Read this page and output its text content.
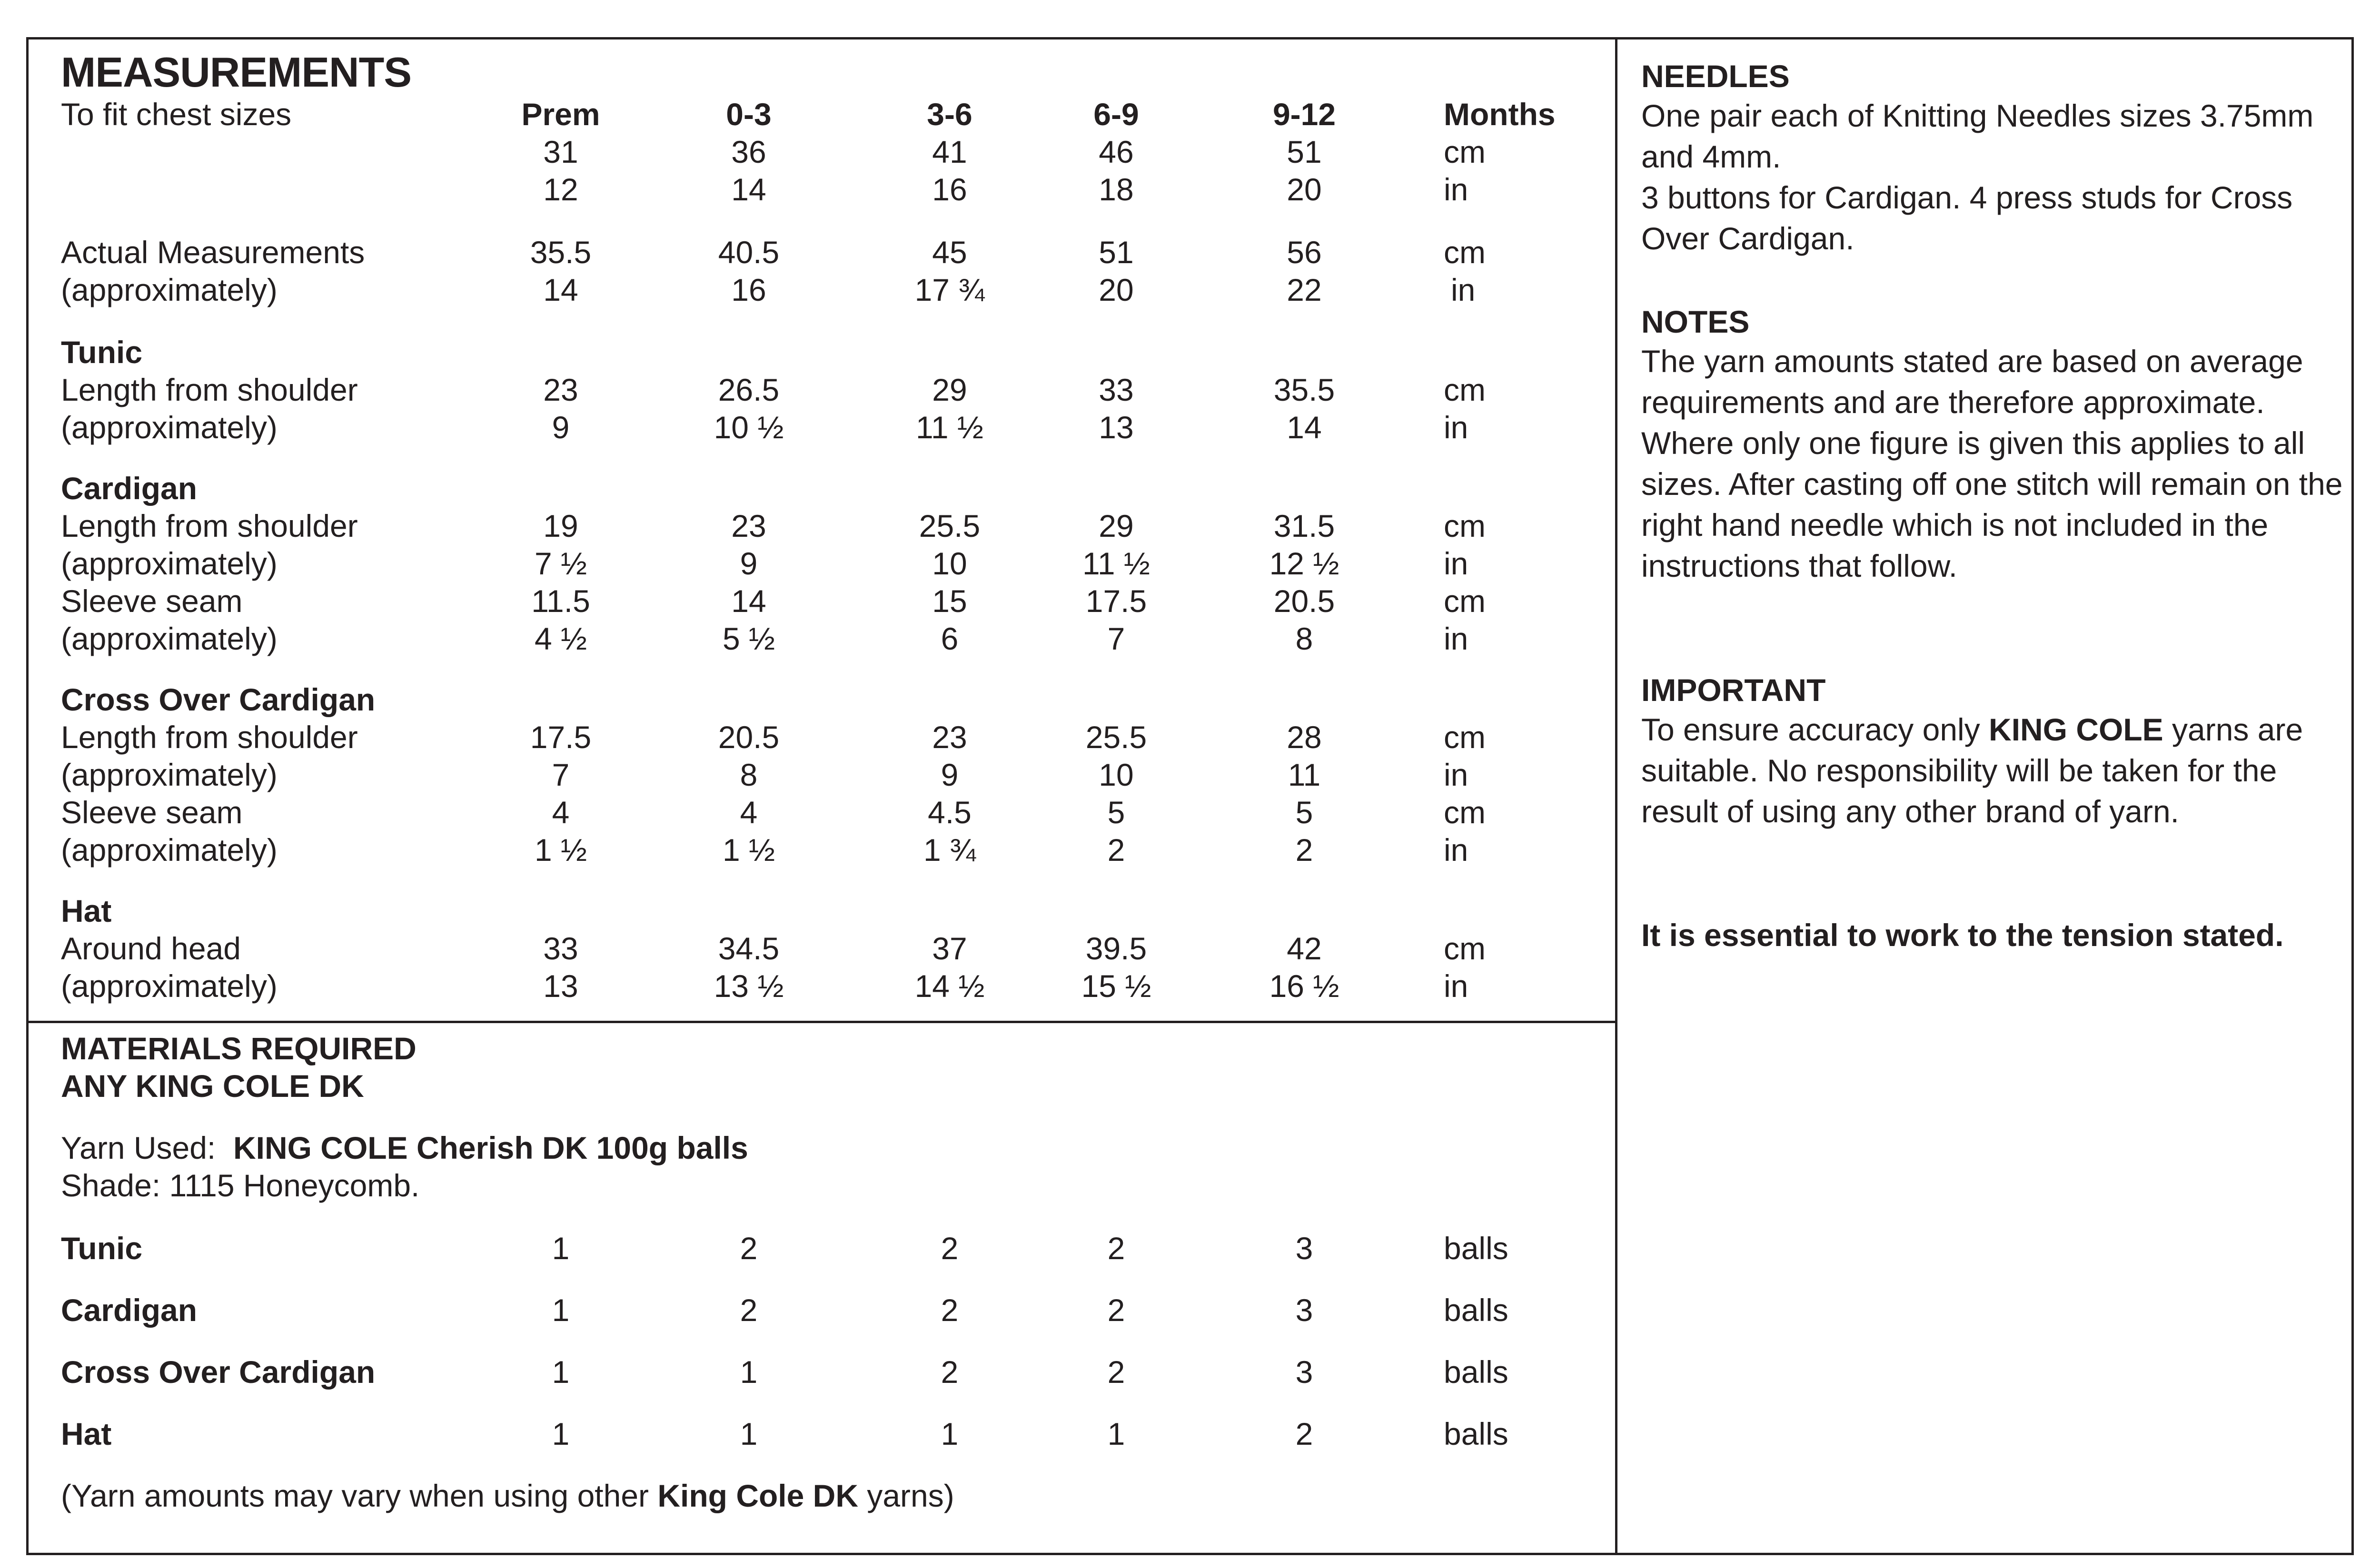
MEASUREMENTS
To fit chest sizes	Prem	0-3	3-6	6-9	9-12	Months
31	36	41	46	51	cm
12	14	16	18	20	in
Actual Measurements	35.5	40.5	45	51	56	cm
(approximately)	14	16	17 ¾	20	22	in
Tunic
Length from shoulder	23	26.5	29	33	35.5	cm
(approximately)	9	10 ½	11 ½	13	14	in
Cardigan
Length from shoulder	19	23	25.5	29	31.5	cm
(approximately)	7 ½	9	10	11 ½	12 ½	in
Sleeve seam	11.5	14	15	17.5	20.5	cm
(approximately)	4 ½	5 ½	6	7	8	in
Cross Over Cardigan
Length from shoulder	17.5	20.5	23	25.5	28	cm
(approximately)	7	8	9	10	11	in
Sleeve seam	4	4	4.5	5	5	cm
(approximately)	1 ½	1 ½	1 ¾	2	2	in
Hat
Around head	33	34.5	37	39.5	42	cm
(approximately)	13	13 ½	14 ½	15 ½	16 ½	in
MATERIALS REQUIRED
ANY KING COLE DK
Yarn Used:  KING COLE Cherish DK 100g balls
Shade: 1115 Honeycomb.
Tunic	1	2	2	2	3	balls
Cardigan	1	2	2	2	3	balls
Cross Over Cardigan	1	1	2	2	3	balls
Hat	1	1	1	1	2	balls
(Yarn amounts may vary when using other King Cole DK yarns)
NEEDLES

One pair each of Knitting Needles sizes 3.75mm and 4mm.

3 buttons for Cardigan. 4 press studs for Cross Over Cardigan.

NOTES

The yarn amounts stated are based on average requirements and are therefore approximate. Where only one figure is given this applies to all sizes. After casting off one stitch will remain on the right hand needle which is not included in the instructions that follow.

IMPORTANT

To ensure accuracy only KING COLE yarns are suitable. No responsibility will be taken for the result of using any other brand of yarn.

It is essential to work to the tension stated.
